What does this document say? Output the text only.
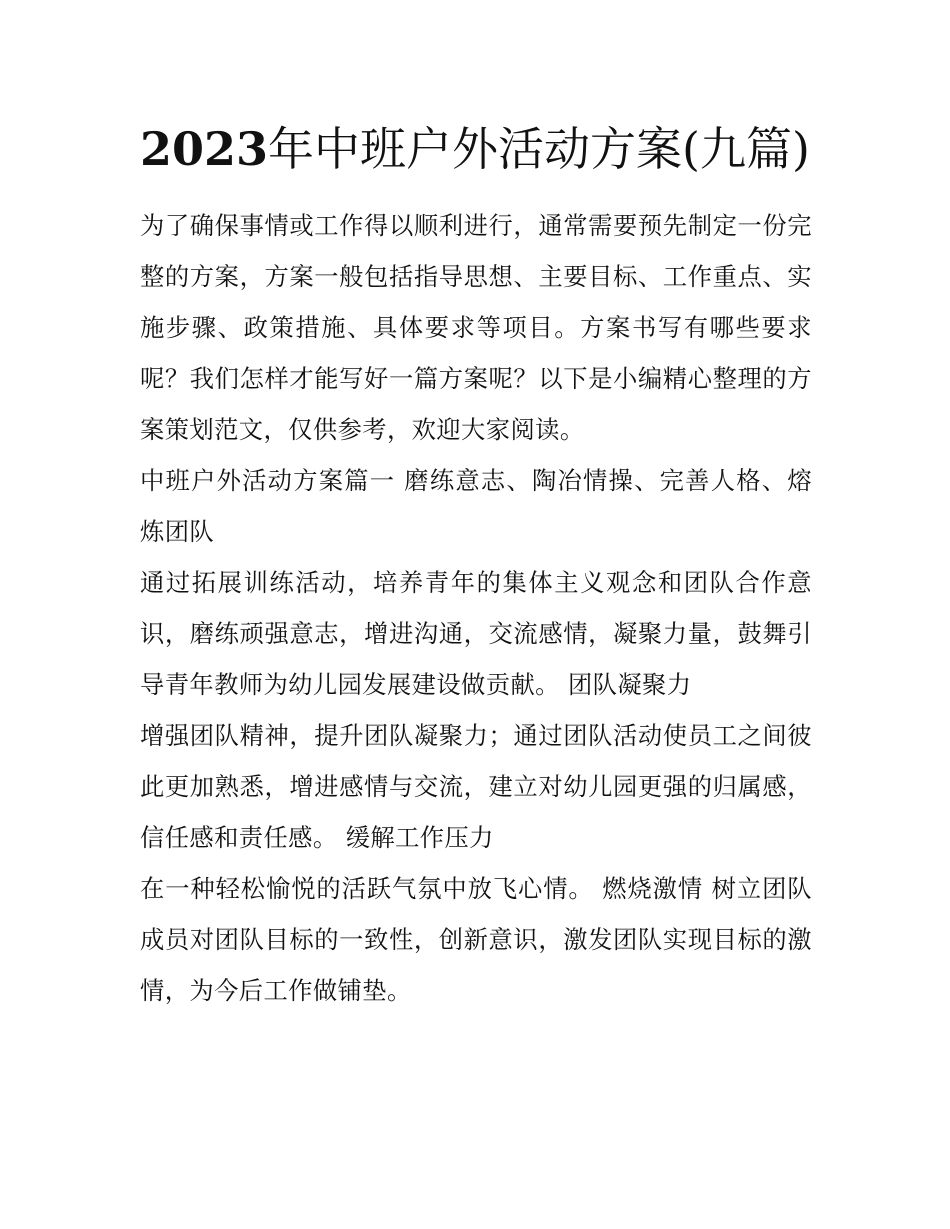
2023年中班户外活动方案(九篇)

为了确保事情或工作得以顺利进行，通常需要预先制定一份完整的方案，方案一般包括指导思想、主要目标、工作重点、实施步骤、政策措施、具体要求等项目。方案书写有哪些要求呢？我们怎样才能写好一篇方案呢？以下是小编精心整理的方案策划范文，仅供参考，欢迎大家阅读。

中班户外活动方案篇一 磨练意志、陶冶情操、完善人格、熔炼团队

通过拓展训练活动，培养青年的集体主义观念和团队合作意识，磨练顽强意志，增进沟通，交流感情，凝聚力量，鼓舞引导青年教师为幼儿园发展建设做贡献。 团队凝聚力

增强团队精神，提升团队凝聚力；通过团队活动使员工之间彼此更加熟悉，增进感情与交流，建立对幼儿园更强的归属感，信任感和责任感。 缓解工作压力

在一种轻松愉悦的活跃气氛中放飞心情。 燃烧激情 树立团队成员对团队目标的一致性，创新意识，激发团队实现目标的激情，为今后工作做铺垫。
